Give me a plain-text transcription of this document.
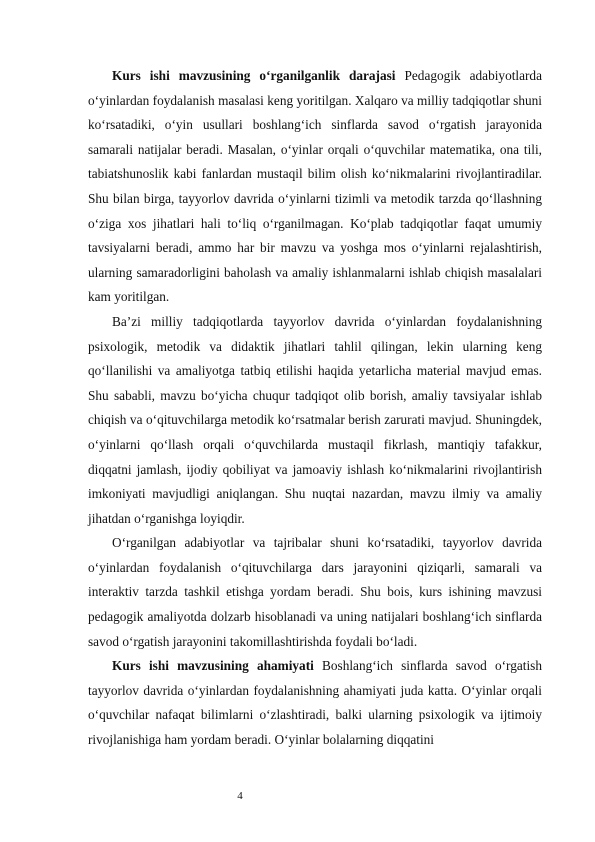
Kurs ishi mavzusining o‘rganilganlik darajasi Pedagogik adabiyotlarda o‘yinlardan foydalanish masalasi keng yoritilgan. Xalqaro va milliy tadqiqotlar shuni ko‘rsatadiki, o‘yin usullari boshlang‘ich sinflarda savod o‘rgatish jarayonida samarali natijalar beradi. Masalan, o‘yinlar orqali o‘quvchilar matematika, ona tili, tabiatshunoslik kabi fanlardan mustaqil bilim olish ko‘nikmalarini rivojlantiradilar. Shu bilan birga, tayyorlov davrida o‘yinlarni tizimli va metodik tarzda qo‘llashning o‘ziga xos jihatlari hali to‘liq o‘rganilmagan. Ko‘plab tadqiqotlar faqat umumiy tavsiyalarni beradi, ammo har bir mavzu va yoshga mos o‘yinlarni rejalashtirish, ularning samaradorligini baholash va amaliy ishlanmalarni ishlab chiqish masalalari kam yoritilgan.

Ba’zi milliy tadqiqotlarda tayyorlov davrida o‘yinlardan foydalanishning psixologik, metodik va didaktik jihatlari tahlil qilingan, lekin ularning keng qo‘llanilishi va amaliyotga tatbiq etilishi haqida yetarlicha material mavjud emas. Shu sababli, mavzu bo‘yicha chuqur tadqiqot olib borish, amaliy tavsiyalar ishlab chiqish va o‘qituvchilarga metodik ko‘rsatmalar berish zarurati mavjud. Shuningdek, o‘yinlarni qo‘llash orqali o‘quvchilarda mustaqil fikrlash, mantiqiy tafakkur, diqqatni jamlash, ijodiy qobiliyat va jamoaviy ishlash ko‘nikmalarini rivojlantirish imkoniyati mavjudligi aniqlangan. Shu nuqtai nazardan, mavzu ilmiy va amaliy jihatdan o‘rganishga loyiqdir.

O‘rganilgan adabiyotlar va tajribalar shuni ko‘rsatadiki, tayyorlov davrida o‘yinlardan foydalanish o‘qituvchilarga dars jarayonini qiziqarli, samarali va interaktiv tarzda tashkil etishga yordam beradi. Shu bois, kurs ishining mavzusi pedagogik amaliyotda dolzarb hisoblanadi va uning natijalari boshlang‘ich sinflarda savod o‘rgatish jarayonini takomillashtirishda foydali bo‘ladi.

Kurs ishi mavzusining ahamiyati Boshlang‘ich sinflarda savod o‘rgatish tayyorlov davrida o‘yinlardan foydalanishning ahamiyati juda katta. O‘yinlar orqali o‘quvchilar nafaqat bilimlarni o‘zlashtiradi, balki ularning psixologik va ijtimoiy rivojlanishiga ham yordam beradi. O‘yinlar bolalarning diqqatini

4
